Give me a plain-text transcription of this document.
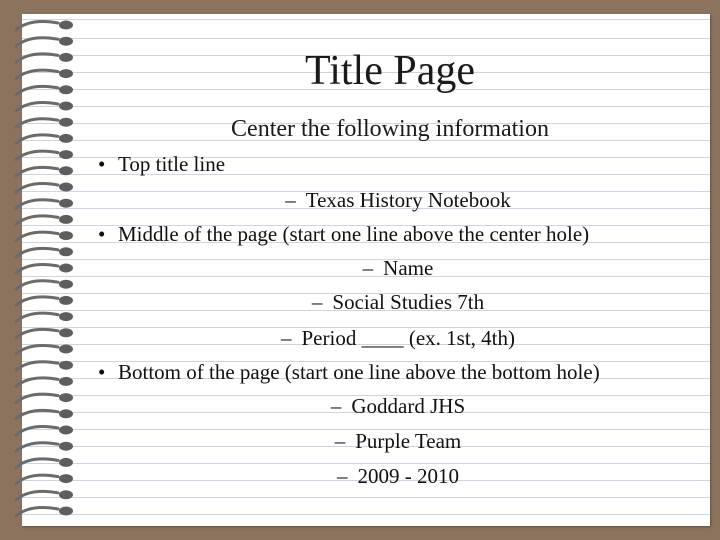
Title Page
Center the following information
• Top title line
– Texas History Notebook
• Middle of the page (start one line above the center hole)
– Name
– Social Studies 7th
– Period ____ (ex. 1st, 4th)
• Bottom of the page (start one line above the bottom hole)
– Goddard JHS
– Purple Team
– 2009 - 2010
